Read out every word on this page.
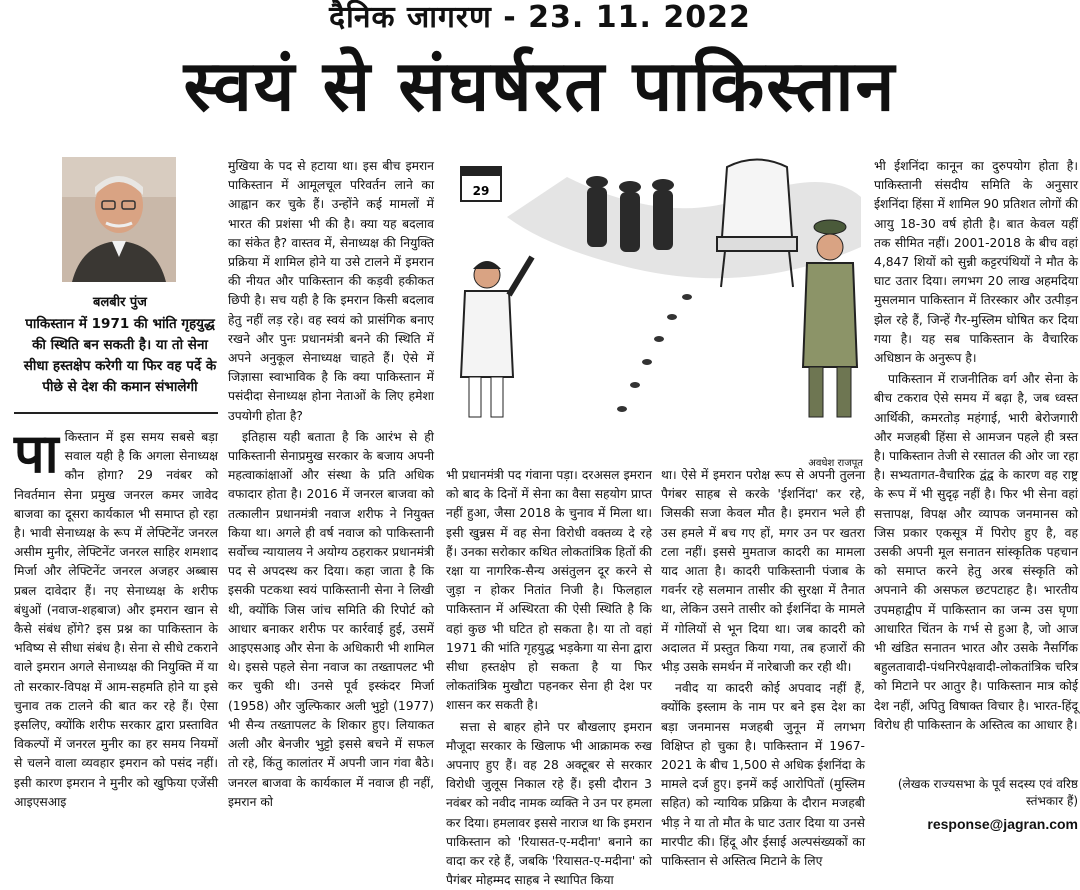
दैनिक जागरण - 23. 11. 2022
स्वयं से संघर्षरत पाकिस्तान
बलबीर पुंज
पाकिस्तान में 1971 की भांति गृहयुद्ध की स्थिति बन सकती है। या तो सेना सीधा हस्तक्षेप करेगी या फिर वह पर्दे के पीछे से देश की कमान संभालेगी

पाकिस्तान में इस समय सबसे बड़ा सवाल यही है कि अगला सेनाध्यक्ष कौन होगा? 29 नवंबर को निवर्तमान सेना प्रमुख जनरल कमर जावेद बाजवा का दूसरा कार्यकाल भी समाप्त हो रहा है। भावी सेनाध्यक्ष के रूप में लेफ्टिनेंट जनरल असीम मुनीर, लेफ्टिनेंट जनरल साहिर शमशाद मिर्जा और लेफ्टिनेंट जनरल अजहर अब्बास प्रबल दावेदार हैं। नए सेनाध्यक्ष के शरीफ बंधुओं (नवाज-शहबाज) और इमरान खान से कैसे संबंध होंगे? इस प्रश्न का पाकिस्तान के भविष्य से सीधा संबंध है। सेना से सीधे टकराने वाले इमरान अगले सेनाध्यक्ष की नियुक्ति में या तो सरकार-विपक्ष में आम-सहमति होने या इसे चुनाव तक टालने की बात कर रहे हैं। ऐसा इसलिए, क्योंकि शरीफ सरकार द्वारा प्रस्तावित विकल्पों में जनरल मुनीर का हर समय नियमों से चलने वाला व्यवहार इमरान को पसंद नहीं। इसी कारण इमरान ने मुनीर को खुफिया एजेंसी आइएसआइ

मुखिया के पद से हटाया था। इस बीच इमरान पाकिस्तान में आमूलचूल परिवर्तन लाने का आह्वान कर चुके हैं। उन्होंने कई मामलों में भारत की प्रशंसा भी की है। क्या यह बदलाव का संकेत है? वास्तव में, सेनाध्यक्ष की नियुक्ति प्रक्रिया में शामिल होने या उसे टालने में इमरान की नीयत और पाकिस्तान की कड़वी हकीकत छिपी है। सच यही है कि इमरान किसी बदलाव हेतु नहीं लड़ रहे। वह स्वयं को प्रासंगिक बनाए रखने और पुनः प्रधानमंत्री बनने की स्थिति में अपने अनुकूल सेनाध्यक्ष चाहते हैं। ऐसे में जिज्ञासा स्वाभाविक है कि क्या पाकिस्तान में पसंदीदा सेनाध्यक्ष होना नेताओं के लिए हमेशा उपयोगी होता है?

इतिहास यही बताता है कि आरंभ से ही पाकिस्तानी सेनाप्रमुख सरकार के बजाय अपनी महत्वाकांक्षाओं और संस्था के प्रति अधिक वफादार होता है। 2016 में जनरल बाजवा को तत्कालीन प्रधानमंत्री नवाज शरीफ ने नियुक्त किया था। अगले ही वर्ष नवाज को पाकिस्तानी सर्वोच्च न्यायालय ने अयोग्य ठहराकर प्रधानमंत्री पद से अपदस्थ कर दिया। कहा जाता है कि इसकी पटकथा स्वयं पाकिस्तानी सेना ने लिखी थी, क्योंकि जिस जांच समिति की रिपोर्ट को आधार बनाकर शरीफ पर कार्रवाई हुई, उसमें आइएसआइ और सेना के अधिकारी भी शामिल थे। इससे पहले सेना नवाज का तख्तापलट भी कर चुकी थी। उनसे पूर्व इस्कंदर मिर्जा (1958) और जुल्फिकार अली भुट्टो (1977) भी सैन्य तख्तापलट के शिकार हुए। लियाकत अली और बेनजीर भुट्टो इससे बचने में सफल तो रहे, किंतु कालांतर में अपनी जान गंवा बैठे। जनरल बाजवा के कार्यकाल में नवाज ही नहीं, इमरान को

29
अवधेश राजपूत

भी प्रधानमंत्री पद गंवाना पड़ा। दरअसल इमरान को बाद के दिनों में सेना का वैसा सहयोग प्राप्त नहीं हुआ, जैसा 2018 के चुनाव में मिला था। इसी खुन्नस में वह सेना विरोधी वक्तव्य दे रहे हैं। उनका सरोकार कथित लोकतांत्रिक हितों की रक्षा या नागरिक-सैन्य असंतुलन दूर करने से जुड़ा न होकर नितांत निजी है। फिलहाल पाकिस्तान में अस्थिरता की ऐसी स्थिति है कि वहां कुछ भी घटित हो सकता है। या तो वहां 1971 की भांति गृहयुद्ध भड़केगा या सेना द्वारा सीधा हस्तक्षेप हो सकता है या फिर लोकतांत्रिक मुखौटा पहनकर सेना ही देश पर शासन कर सकती है।

सत्ता से बाहर होने पर बौखलाए इमरान मौजूदा सरकार के खिलाफ भी आक्रामक रुख अपनाए हुए हैं। वह 28 अक्टूबर से सरकार विरोधी जुलूस निकाल रहे हैं। इसी दौरान 3 नवंबर को नवीद नामक व्यक्ति ने उन पर हमला कर दिया। हमलावर इससे नाराज था कि इमरान पाकिस्तान को 'रियासत-ए-मदीना' बनाने का वादा कर रहे हैं, जबकि 'रियासत-ए-मदीना' को पैगंबर मोहम्मद साहब ने स्थापित किया

था। ऐसे में इमरान परोक्ष रूप से अपनी तुलना पैगंबर साहब से करके 'ईशनिंदा' कर रहे, जिसकी सजा केवल मौत है। इमरान भले ही उस हमले में बच गए हों, मगर उन पर खतरा टला नहीं। इससे मुमताज कादरी का मामला याद आता है। कादरी पाकिस्तानी पंजाब के गवर्नर रहे सलमान तासीर की सुरक्षा में तैनात था, लेकिन उसने तासीर को ईशनिंदा के मामले में गोलियों से भून दिया था। जब कादरी को अदालत में प्रस्तुत किया गया, तब हजारों की भीड़ उसके समर्थन में नारेबाजी कर रही थी।

नवीद या कादरी कोई अपवाद नहीं हैं, क्योंकि इस्लाम के नाम पर बने इस देश का बड़ा जनमानस मजहबी जुनून में लगभग विक्षिप्त हो चुका है। पाकिस्तान में 1967-2021 के बीच 1,500 से अधिक ईशनिंदा के मामले दर्ज हुए। इनमें कई आरोपितों (मुस्लिम सहित) को न्यायिक प्रक्रिया के दौरान मजहबी भीड़ ने या तो मौत के घाट उतार दिया या उनसे मारपीट की। हिंदू और ईसाई अल्पसंख्यकों का पाकिस्तान से अस्तित्व मिटाने के लिए

भी ईशनिंदा कानून का दुरुपयोग होता है। पाकिस्तानी संसदीय समिति के अनुसार ईशनिंदा हिंसा में शामिल 90 प्रतिशत लोगों की आयु 18-30 वर्ष होती है। बात केवल यहीं तक सीमित नहीं। 2001-2018 के बीच वहां 4,847 शियों को सुन्नी कट्टरपंथियों ने मौत के घाट उतार दिया। लगभग 20 लाख अहमदिया मुसलमान पाकिस्तान में तिरस्कार और उत्पीड़न झेल रहे हैं, जिन्हें गैर-मुस्लिम घोषित कर दिया गया है। यह सब पाकिस्तान के वैचारिक अधिष्ठान के अनुरूप है।

पाकिस्तान में राजनीतिक वर्ग और सेना के बीच टकराव ऐसे समय में बढ़ा है, जब ध्वस्त आर्थिकी, कमरतोड़ महंगाई, भारी बेरोजगारी और मजहबी हिंसा से आमजन पहले ही त्रस्त है। पाकिस्तान तेजी से रसातल की ओर जा रहा है। सभ्यतागत-वैचारिक द्वंद्व के कारण वह राष्ट्र के रूप में भी सुदृढ़ नहीं है। फिर भी सेना वहां सत्तापक्ष, विपक्ष और व्यापक जनमानस को जिस प्रकार एकसूत्र में पिरोए हुए है, वह उसकी अपनी मूल सनातन सांस्कृतिक पहचान को समाप्त करने हेतु अरब संस्कृति को अपनाने की असफल छटपटाहट है। भारतीय उपमहाद्वीप में पाकिस्तान का जन्म उस घृणा आधारित चिंतन के गर्भ से हुआ है, जो आज भी खंडित सनातन भारत और उसके नैसर्गिक बहुलतावादी-पंथनिरपेक्षवादी-लोकतांत्रिक चरित्र को मिटाने पर आतुर है। पाकिस्तान मात्र कोई देश नहीं, अपितु विषाक्त विचार है। भारत-हिंदू विरोध ही पाकिस्तान के अस्तित्व का आधार है।

(लेखक राज्यसभा के पूर्व सदस्य एवं वरिष्ठ स्तंभकार हैं)
response@jagran.com
